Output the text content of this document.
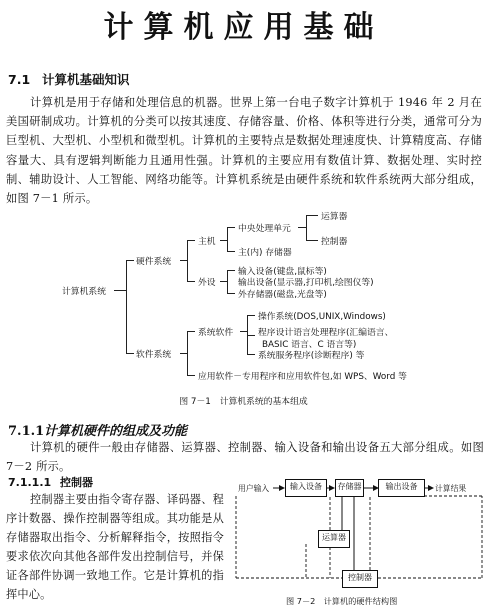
计算机应用基础
7.1 计算机基础知识
计算机是用于存储和处理信息的机器。世界上第一台电子数字计算机于 1946 年 2 月在美国研制成功。计算机的分类可以按其速度、存储容量、价格、体积等进行分类，通常可分为巨型机、大型机、小型机和微型机。计算机的主要特点是数据处理速度快、计算精度高、存储容量大、具有逻辑判断能力且通用性强。计算机的主要应用有数值计算、数据处理、实时控制、辅助设计、人工智能、网络功能等。计算机系统是由硬件系统和软件系统两大部分组成，如图 7－1 所示。
计算机系统
硬件系统
主机
中央处理单元
运算器
控制器
主(内) 存储器
外设
输入设备(键盘,鼠标等)
输出设备(显示器,打印机,绘图仪等)
外存储器(磁盘,光盘等)
软件系统
系统软件
操作系统(DOS,UNIX,Windows)
程序设计语言处理程序(汇编语言、
BASIC 语言、C 语言等)
系统服务程序(诊断程序) 等
应用软件－专用程序和应用软件包,如 WPS、Word 等
图 7－1　计算机系统的基本组成
7.1.1计算机硬件的组成及功能
计算机的硬件一般由存储器、运算器、控制器、输入设备和输出设备五大部分组成。如图 7－2 所示。
7.1.1.1 控制器
控制器主要由指令寄存器、译码器、程序计数器、操作控制器等组成。其功能是从存储器取出指令、分析解释指令，按照指令要求依次向其他各部件发出控制信号，并保证各部件协调一致地工作。它是计算机的指挥中心。
用户输入	输入设备	存储器	输出设备	计算结果
运算器
控制器
图 7－2　计算机的硬件结构图
